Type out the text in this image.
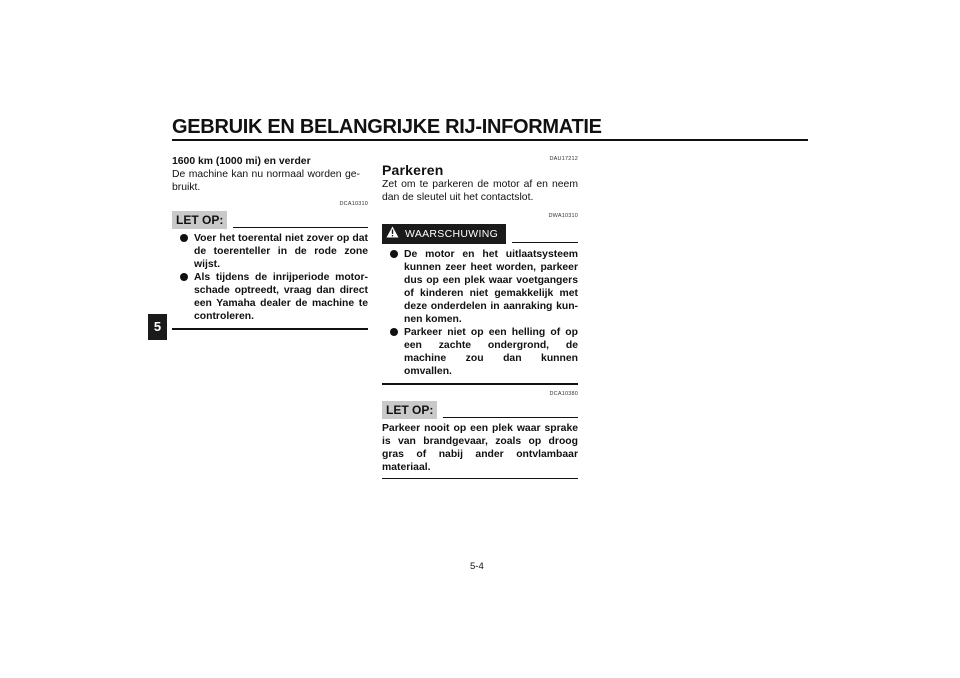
GEBRUIK EN BELANGRIJKE RIJ-INFORMATIE
5
1600 km (1000 mi) en verder
De machine kan nu normaal worden ge-bruikt.
DCA10310
LET OP:
Voer het toerental niet zover op dat de toerenteller in de rode zone wijst.
Als tijdens de inrijperiode motor-schade optreedt, vraag dan direct een Yamaha dealer de machine te controleren.
DAU17212
Parkeren
Zet om te parkeren de motor af en neem dan de sleutel uit het contactslot.
DWA10310
WAARSCHUWING
De motor en het uitlaatsysteem kunnen zeer heet worden, parkeer dus op een plek waar voetgangers of kinderen niet gemakkelijk met deze onderdelen in aanraking kun-nen komen.
Parkeer niet op een helling of op een zachte ondergrond, de machine zou dan kunnen omvallen.
DCA10380
LET OP:
Parkeer nooit op een plek waar sprake is van brandgevaar, zoals op droog gras of nabij ander ontvlambaar materiaal.
5-4
